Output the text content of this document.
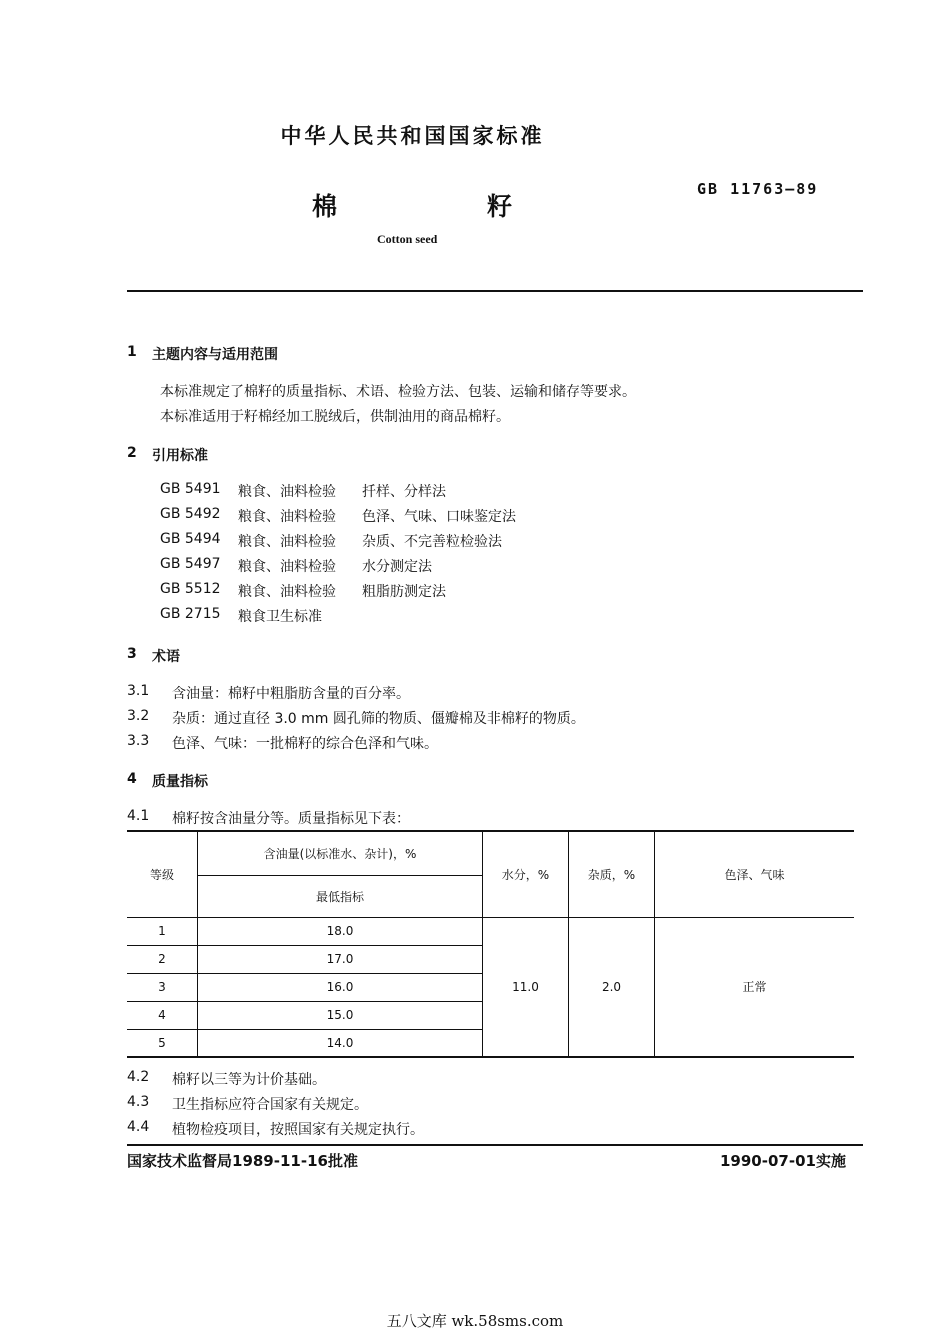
中华人民共和国国家标准
棉	籽
GB 11763—89
Cotton seed
1 主题内容与适用范围
本标准规定了棉籽的质量指标、术语、检验方法、包装、运输和储存等要求。
本标准适用于籽棉经加工脱绒后，供制油用的商品棉籽。
2 引用标准
GB 5491 粮食、油料检验 扦样、分样法
GB 5492 粮食、油料检验 色泽、气味、口味鉴定法
GB 5494 粮食、油料检验 杂质、不完善粒检验法
GB 5497 粮食、油料检验 水分测定法
GB 5512 粮食、油料检验 粗脂肪测定法
GB 2715 粮食卫生标准
3 术语
3.1 含油量：棉籽中粗脂肪含量的百分率。
3.2 杂质：通过直径 3.0 mm 圆孔筛的物质、僵瓣棉及非棉籽的物质。
3.3 色泽、气味：一批棉籽的综合色泽和气味。
4 质量指标
4.1 棉籽按含油量分等。质量指标见下表：
等级	含油量(以标准水、杂计)，%	水分，%	杂质，%	色泽、气味
	最低指标			
1	18.0	11.0	2.0	正常
2	17.0			
3	16.0			
4	15.0			
5	14.0			
4.2 棉籽以三等为计价基础。
4.3 卫生指标应符合国家有关规定。
4.4 植物检疫项目，按照国家有关规定执行。
国家技术监督局1989-11-16批准	1990-07-01实施
五八文库 wk.58sms.com
